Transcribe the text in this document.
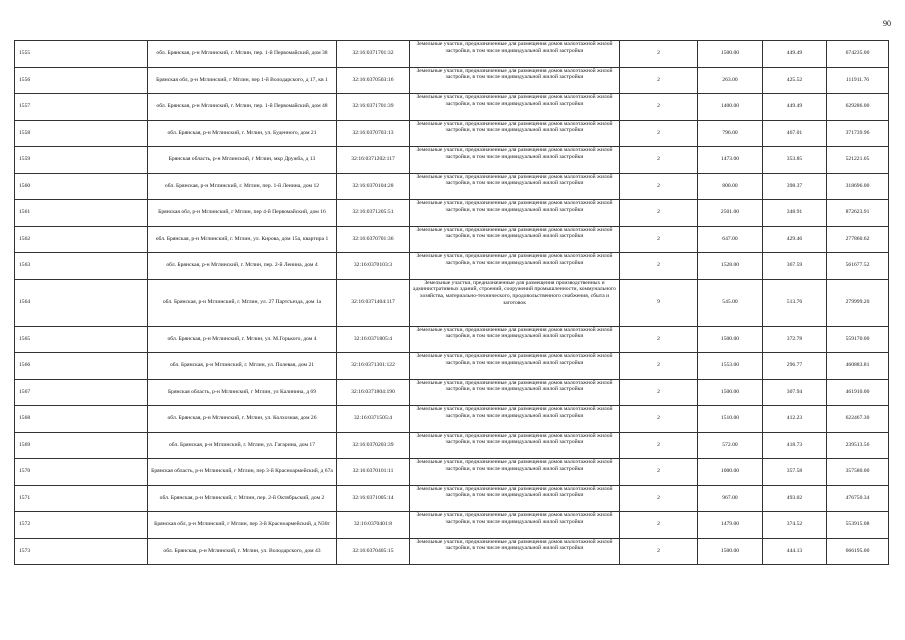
90
1555	обл. Брянская, р-н Мглинский, г. Мглин, пер. 1-й Первомайский, дом 38	32:16:0371701:32	Земельные участки, предназначенные для размещения домов малоэтажной жилой застройки, в том числе индивидуальной жилой застройки	2	1500.00	449.49	674235.00
1556	Брянская обл, р-н Мглинский, г Мглин, пер 1-й Володарского, д 17, кв 1	32:16:0370503:16	Земельные участки, предназначенные для размещения домов малоэтажной жилой застройки, в том числе индивидуальной жилой застройки	2	263.00	425.52	111911.76
1557	обл. Брянская, р-н Мглинский, г. Мглин, пер. 1-й Первомайский, дом 48	32:16:0371701:39	Земельные участки, предназначенные для размещения домов малоэтажной жилой застройки, в том числе индивидуальной жилой застройки	2	1400.00	449.49	629286.00
1558	обл. Брянская, р-н Мглинский, г. Мглин, ул. Буденного, дом 21	32:16:0370703:13	Земельные участки, предназначенные для размещения домов малоэтажной жилой застройки, в том числе индивидуальной жилой застройки	2	796.00	467.01	371739.96
1559	Брянская область, р-н Мглинский, г Мглин, мкр Дружба, д 13	32:16:0371202:117	Земельные участки, предназначенные для размещения домов малоэтажной жилой застройки, в том числе индивидуальной жилой застройки	2	1473.00	353.85	521221.05
1560	обл. Брянская, р-н Мглинский, г. Мглин, пер. 1-й Ленина, дом 12	32:16:0370104:28	Земельные участки, предназначенные для размещения домов малоэтажной жилой застройки, в том числе индивидуальной жилой застройки	2	800.00	398.37	318696.00
1561	Брянская обл, р-н Мглинский, г Мглин, пер 4-й Первомайский, дом 16	32:16:0371205:51	Земельные участки, предназначенные для размещения домов малоэтажной жилой застройки, в том числе индивидуальной жилой застройки	2	2501.00	348.91	872623.91
1562	обл. Брянская, р-н Мглинский, г. Мглин, ул. Кирова, дом 15а, квартира 1	32:16:0370701:36	Земельные участки, предназначенные для размещения домов малоэтажной жилой застройки, в том числе индивидуальной жилой застройки	2	647.00	429.46	277860.62
1563	обл. Брянская, р-н Мглинский, г. Мглин, пер. 2-й Ленина, дом 4	32:16:0370103:3	Земельные участки, предназначенные для размещения домов малоэтажной жилой застройки, в том числе индивидуальной жилой застройки	2	1528.00	367.59	561677.52
1564	обл. Брянская, р-н Мглинский, г. Мглин, ул. 27 Партсъезда, дом 1а	32:16:0371404:117	Земельные участки, предназначенные для размещения производственных и административных зданий, строений, сооружений промышленности, коммунального хозяйства, материально-технического, продовольственного снабжения, сбыта и заготовок	9	545.00	513.76	279999.20
1565	обл. Брянская, р-н Мглинский, г. Мглин, ул. М.Горького, дом 4	32:16:0371805:4	Земельные участки, предназначенные для размещения домов малоэтажной жилой застройки, в том числе индивидуальной жилой застройки	2	1500.00	372.78	559170.00
1566	обл. Брянская, р-н Мглинский, г. Мглин, ул. Полевая, дом 21	32:16:0371301:122	Земельные участки, предназначенные для размещения домов малоэтажной жилой застройки, в том числе индивидуальной жилой застройки	2	1553.00	296.77	460883.81
1567	Брянская область, р-н Мглинский, г Мглин, ул Калинина, д 69	32:16:0371804:190	Земельные участки, предназначенные для размещения домов малоэтажной жилой застройки, в том числе индивидуальной жилой застройки	2	1500.00	307.94	461910.00
1568	обл. Брянская, р-н Мглинский, г. Мглин, ул. Колхозная, дом 26	32:16:0371505:4	Земельные участки, предназначенные для размещения домов малоэтажной жилой застройки, в том числе индивидуальной жилой застройки	2	1510.00	412.23	622467.30
1569	обл. Брянская, р-н Мглинский, г. Мглин, ул. Гагарина, дом 17	32:16:0370203:39	Земельные участки, предназначенные для размещения домов малоэтажной жилой застройки, в том числе индивидуальной жилой застройки	2	572.00	418.73	239513.56
1570	Брянская область, р-н Мглинский, г Мглин, пер 3-й Красноармейский, д 67а	32:16:0370101:11	Земельные участки, предназначенные для размещения домов малоэтажной жилой застройки, в том числе индивидуальной жилой застройки	2	1000.00	357.58	357580.00
1571	обл. Брянская, р-н Мглинский, г. Мглин, пер. 2-й Октябрьский, дом 2	32:16:0371005:14	Земельные участки, предназначенные для размещения домов малоэтажной жилой застройки, в том числе индивидуальной жилой застройки	2	967.00	493.02	476750.34
1572	Брянская обл, р-н Мглинский, г Мглин, пер 3-й Красноармейский, д N30г	32:16:0370401:8	Земельные участки, предназначенные для размещения домов малоэтажной жилой застройки, в том числе индивидуальной жилой застройки	2	1479.00	374.52	553915.08
1573	обл. Брянская, р-н Мглинский, г. Мглин, ул. Володарского, дом 43	32:16:0370405:15	Земельные участки, предназначенные для размещения домов малоэтажной жилой застройки, в том числе индивидуальной жилой застройки	2	1500.00	444.13	666195.00
